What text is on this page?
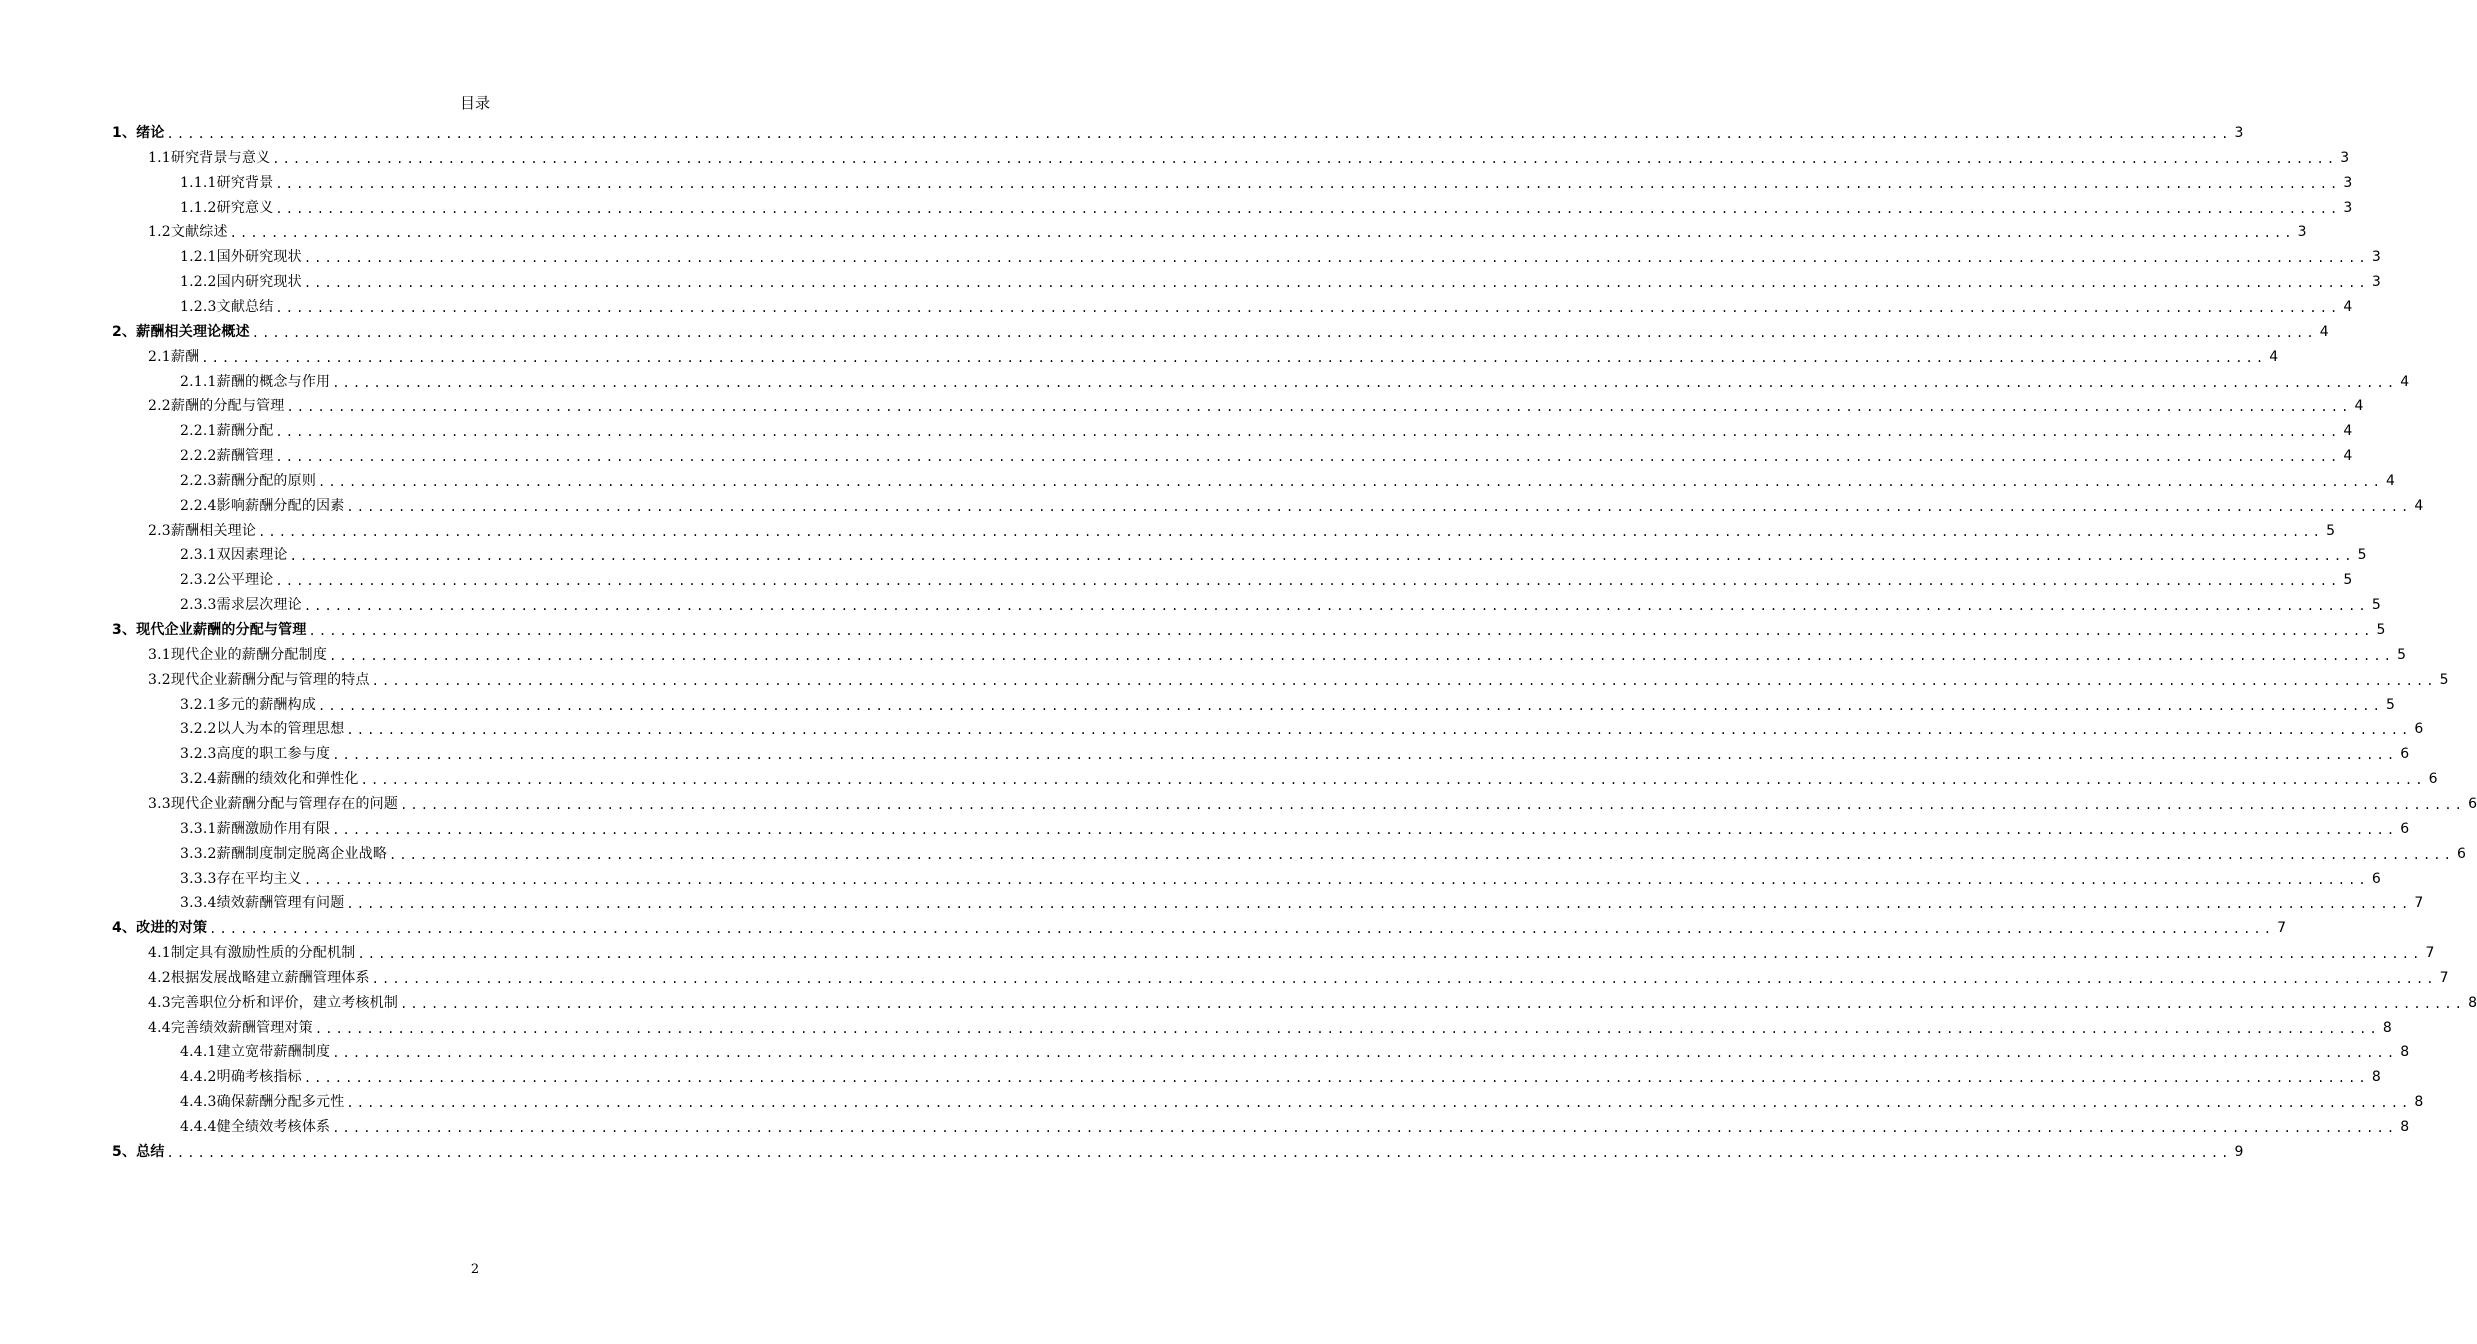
目录
1、绪论 ........................................................................................................................................................................................................ 3
1.1研究背景与意义 ........................................................................................................................................................................................................ 3
1.1.1研究背景 ........................................................................................................................................................................................................ 3
1.1.2研究意义 ........................................................................................................................................................................................................ 3
1.2文献综述 ........................................................................................................................................................................................................ 3
1.2.1国外研究现状 ........................................................................................................................................................................................................ 3
1.2.2国内研究现状 ........................................................................................................................................................................................................ 3
1.2.3文献总结 ........................................................................................................................................................................................................ 4
2、薪酬相关理论概述 ........................................................................................................................................................................................................ 4
2.1薪酬 ........................................................................................................................................................................................................ 4
2.1.1薪酬的概念与作用 ........................................................................................................................................................................................................ 4
2.2薪酬的分配与管理 ........................................................................................................................................................................................................ 4
2.2.1薪酬分配 ........................................................................................................................................................................................................ 4
2.2.2薪酬管理 ........................................................................................................................................................................................................ 4
2.2.3薪酬分配的原则 ........................................................................................................................................................................................................ 4
2.2.4影响薪酬分配的因素 ........................................................................................................................................................................................................ 4
2.3薪酬相关理论 ........................................................................................................................................................................................................ 5
2.3.1双因素理论 ........................................................................................................................................................................................................ 5
2.3.2公平理论 ........................................................................................................................................................................................................ 5
2.3.3需求层次理论 ........................................................................................................................................................................................................ 5
3、现代企业薪酬的分配与管理 ........................................................................................................................................................................................................ 5
3.1现代企业的薪酬分配制度 ........................................................................................................................................................................................................ 5
3.2现代企业薪酬分配与管理的特点 ........................................................................................................................................................................................................ 5
3.2.1多元的薪酬构成 ........................................................................................................................................................................................................ 5
3.2.2以人为本的管理思想 ........................................................................................................................................................................................................ 6
3.2.3高度的职工参与度 ........................................................................................................................................................................................................ 6
3.2.4薪酬的绩效化和弹性化 ........................................................................................................................................................................................................ 6
3.3现代企业薪酬分配与管理存在的问题 ........................................................................................................................................................................................................ 6
3.3.1薪酬激励作用有限 ........................................................................................................................................................................................................ 6
3.3.2薪酬制度制定脱离企业战略 ........................................................................................................................................................................................................ 6
3.3.3存在平均主义 ........................................................................................................................................................................................................ 6
3.3.4绩效薪酬管理有问题 ........................................................................................................................................................................................................ 7
4、改进的对策 ........................................................................................................................................................................................................ 7
4.1制定具有激励性质的分配机制 ........................................................................................................................................................................................................ 7
4.2根据发展战略建立薪酬管理体系 ........................................................................................................................................................................................................ 7
4.3完善职位分析和评价，建立考核机制 ........................................................................................................................................................................................................ 8
4.4完善绩效薪酬管理对策 ........................................................................................................................................................................................................ 8
4.4.1建立宽带薪酬制度 ........................................................................................................................................................................................................ 8
4.4.2明确考核指标 ........................................................................................................................................................................................................ 8
4.4.3确保薪酬分配多元性 ........................................................................................................................................................................................................ 8
4.4.4健全绩效考核体系 ........................................................................................................................................................................................................ 8
5、总结 ........................................................................................................................................................................................................ 9
2
